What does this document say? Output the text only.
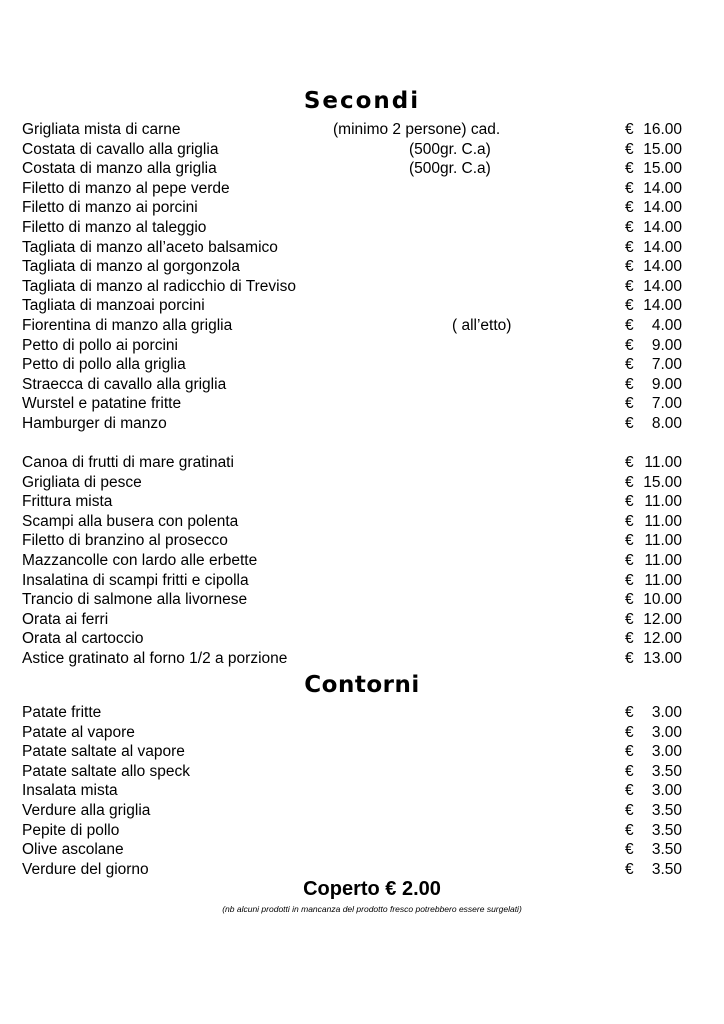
Secondi
Grigliata mista di carne	(minimo 2 persone) cad.	€ 16.00
Costata di cavallo alla griglia	(500gr. C.a)	€ 15.00
Costata di manzo alla griglia	(500gr. C.a)	€ 15.00
Filetto di manzo al pepe verde	€ 14.00
Filetto di manzo ai porcini	€ 14.00
Filetto di manzo al taleggio	€ 14.00
Tagliata di manzo all’aceto balsamico	€ 14.00
Tagliata di manzo al gorgonzola	€ 14.00
Tagliata di manzo al radicchio di Treviso	€ 14.00
Tagliata di manzoai porcini	€ 14.00
Fiorentina di manzo alla griglia	( all’etto)	€ 4.00
Petto di pollo ai porcini	€ 9.00
Petto di pollo alla griglia	€ 7.00
Straecca di cavallo alla griglia	€ 9.00
Wurstel e patatine fritte	€ 7.00
Hamburger di manzo	€ 8.00
Canoa di frutti di mare gratinati	€ 11.00
Grigliata di pesce	€ 15.00
Frittura mista	€ 11.00
Scampi alla busera con polenta	€ 11.00
Filetto di branzino al prosecco	€ 11.00
Mazzancolle con lardo alle erbette	€ 11.00
Insalatina di scampi fritti e cipolla	€ 11.00
Trancio di salmone alla livornese	€ 10.00
Orata ai ferri	€ 12.00
Orata al cartoccio	€ 12.00
Astice gratinato al forno 1/2 a porzione	€ 13.00
Contorni
Patate fritte	€ 3.00
Patate al vapore	€ 3.00
Patate saltate al vapore	€ 3.00
Patate saltate allo speck	€ 3.50
Insalata mista	€ 3.00
Verdure alla griglia	€ 3.50
Pepite di pollo	€ 3.50
Olive ascolane	€ 3.50
Verdure del giorno	€ 3.50
Coperto € 2.00
(nb alcuni prodotti in mancanza del prodotto fresco potrebbero essere surgelati)
